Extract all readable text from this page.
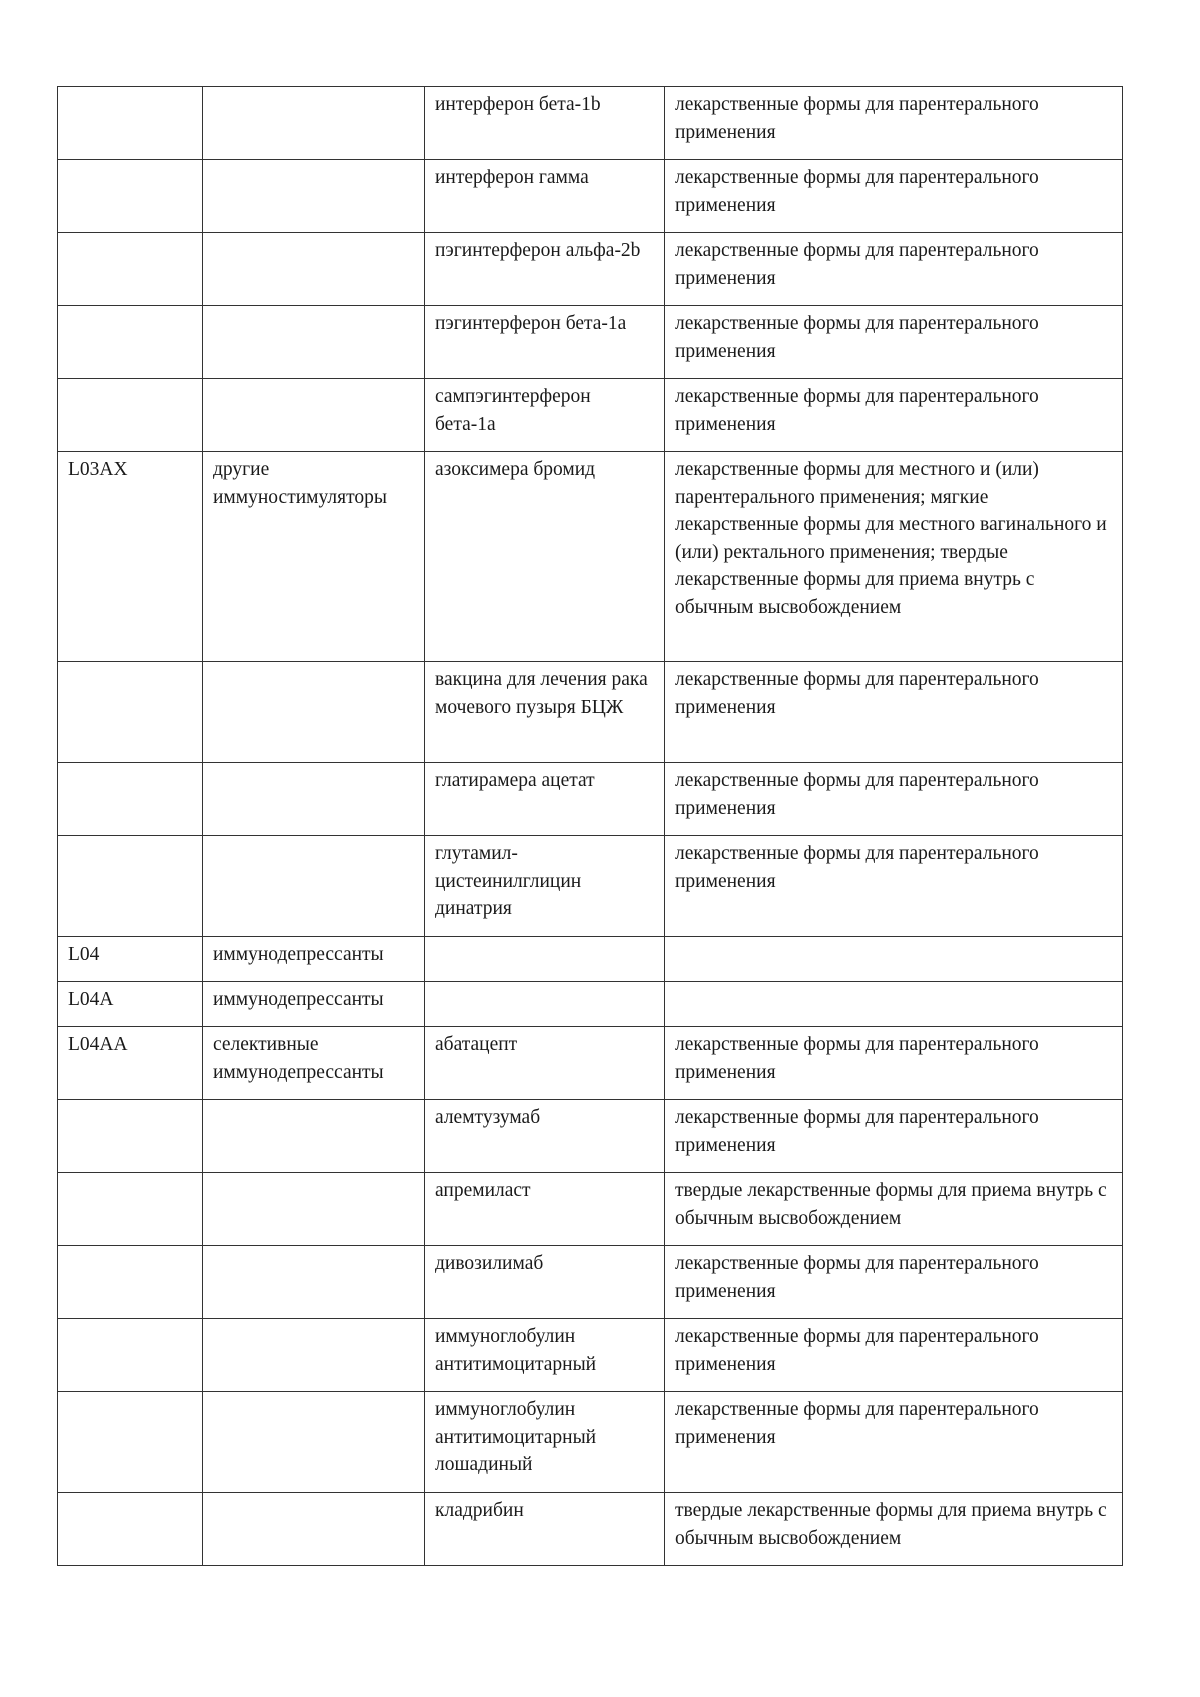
		интерферон бета-1b	лекарственные формы для парентерального применения
		интерферон гамма	лекарственные формы для парентерального применения
		пэгинтерферон альфа-2b	лекарственные формы для парентерального применения
		пэгинтерферон бета-1a	лекарственные формы для парентерального применения
		сампэгинтерферон бета-1a	лекарственные формы для парентерального применения
L03AX	другие иммуностимуляторы	азоксимера бромид	лекарственные формы для местного и (или) парентерального применения; мягкие лекарственные формы для местного вагинального и (или) ректального применения; твердые лекарственные формы для приема внутрь с обычным высвобождением
		вакцина для лечения рака мочевого пузыря БЦЖ	лекарственные формы для парентерального применения
		глатирамера ацетат	лекарственные формы для парентерального применения
		глутамил-цистеинилглицин динатрия	лекарственные формы для парентерального применения
L04	иммунодепрессанты		
L04A	иммунодепрессанты		
L04AA	селективные иммунодепрессанты	абатацепт	лекарственные формы для парентерального применения
		алемтузумаб	лекарственные формы для парентерального применения
		апремиласт	твердые лекарственные формы для приема внутрь с обычным высвобождением
		дивозилимаб	лекарственные формы для парентерального применения
		иммуноглобулин антитимоцитарный	лекарственные формы для парентерального применения
		иммуноглобулин антитимоцитарный лошадиный	лекарственные формы для парентерального применения
		кладрибин	твердые лекарственные формы для приема внутрь с обычным высвобождением
